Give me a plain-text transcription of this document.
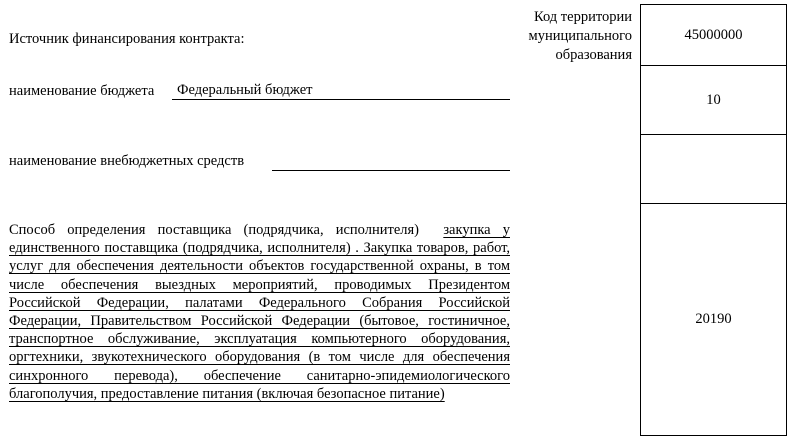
Источник финансирования контракта:
наименование бюджета	Федеральный бюджет
наименование внебюджетных средств
Способ определения поставщика (подрядчика, исполнителя) закупка у единственного поставщика (подрядчика, исполнителя) . Закупка товаров, работ, услуг для обеспечения деятельности объектов государственной охраны, в том числе обеспечения выездных мероприятий, проводимых Президентом Российской Федерации, палатами Федерального Собрания Российской Федерации, Правительством Российской Федерации (бытовое, гостиничное, транспортное обслуживание, эксплуатация компьютерного оборудования, оргтехники, звукотехнического оборудования (в том числе для обеспечения синхронного перевода), обеспечение санитарно-эпидемиологического благополучия, предоставление питания (включая безопасное питание)
Код территории муниципального образования
45000000
10
20190
